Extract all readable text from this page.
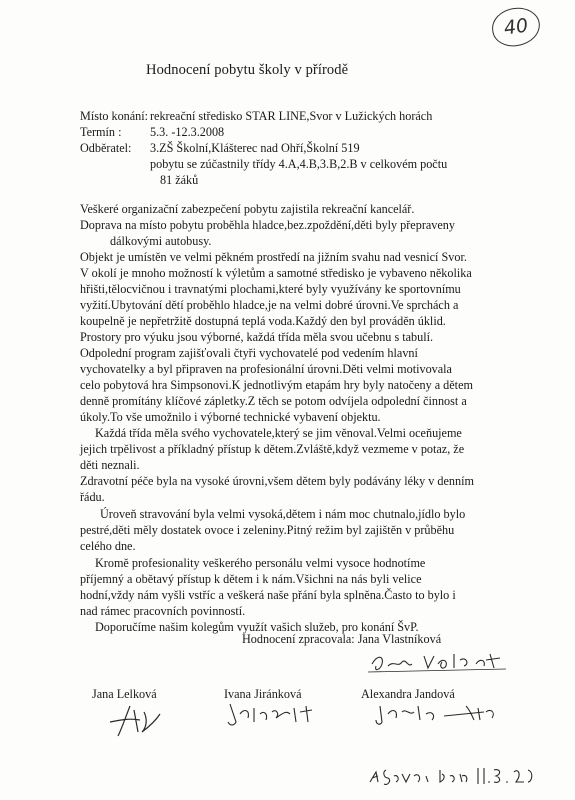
40
Hodnocení pobytu školy v přírodě
Místo konání: rekreační středisko STAR LINE,Svor v Lužických horách
Termín :	5.3. -12.3.2008
Odběratel:	3.ZŠ Školní,Klášterec nad Ohří,Školní 519
pobytu se zúčastnily třídy 4.A,4.B,3.B,2.B v celkovém počtu
81 žáků

Veškeré organizační zabezpečení pobytu zajistila rekreační kancelář.

Doprava na místo pobytu proběhla hladce,bez.zpoždění,děti byly přepraveny

dálkovými autobusy.

Objekt je umístěn ve velmi pěkném prostředí na jižním svahu nad vesnicí Svor.

V okolí je mnoho možností k výletům a samotné středisko je vybaveno několika

hřišti,tělocvičnou i travnatými plochami,které byly využívány ke sportovnímu

vyžití.Ubytování dětí proběhlo hladce,je na velmi dobré úrovni.Ve sprchách a

koupelně je nepřetržitě dostupná teplá voda.Každý den byl prováděn úklid.

Prostory pro výuku jsou výborné, každá třída měla svou učebnu s tabulí.

Odpolední program zajišťovali čtyři vychovatelé pod vedením hlavní

vychovatelky a byl připraven na profesionální úrovni.Děti velmi motivovala

celo pobytová hra Simpsonovi.K jednotlivým etapám hry byly natočeny a dětem

denně promítány klíčové zápletky.Z těch se potom odvíjela odpolední činnost a

úkoly.To vše umožnilo i výborné technické vybavení objektu.

Každá třída měla svého vychovatele,který se jim věnoval.Velmi oceňujeme

jejich trpělivost a příkladný přístup k dětem.Zvláště,když vezmeme v potaz, že

děti neznali.

Zdravotní péče byla na vysoké úrovni,všem dětem byly podávány léky v denním

řádu.

Úroveň stravování byla velmi vysoká,dětem i nám moc chutnalo,jídlo bylo

pestré,děti měly dostatek ovoce i zeleniny.Pitný režim byl zajištěn v průběhu

celého dne.

Kromě profesionality veškerého personálu velmi vysoce hodnotíme

příjemný a obětavý přístup k dětem i k nám.Všichni na nás byli velice

hodní,vždy nám vyšli vstříc a veškerá naše přání byla splněna.Často to bylo i

nad rámec pracovních povinností.

Doporučíme našim kolegům využít vašich služeb, pro konání ŠvP.

Hodnocení zpracovala: Jana Vlastníková
Jana Lelková	Ivana Jiránková	Alexandra Jandová
